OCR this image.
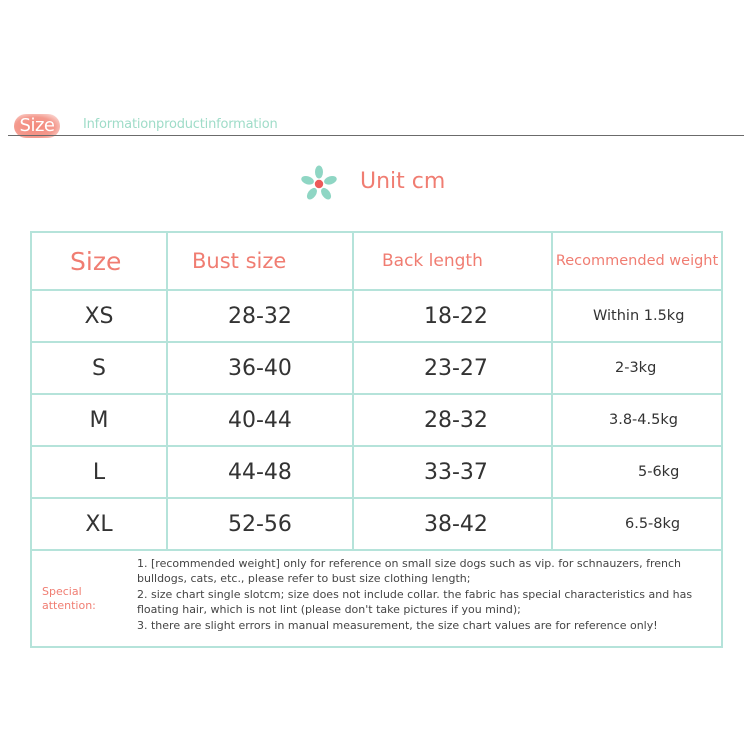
Size	Informationproductinformation
Unit cm
Size	Bust size	Back length	Recommended weight
XS	28-32	18-22	Within 1.5kg
S	36-40	23-27	2-3kg
M	40-44	28-32	3.8-4.5kg
L	44-48	33-37	5-6kg
XL	52-56	38-42	6.5-8kg

Special attention:

1. [recommended weight] only for reference on small size dogs such as vip. for schnauzers, french bulldogs, cats, etc., please refer to bust size clothing length;

2. size chart single slotcm; size does not include collar. the fabric has special characteristics and has floating hair, which is not lint (please don't take pictures if you mind);

3. there are slight errors in manual measurement, the size chart values are for reference only!			
